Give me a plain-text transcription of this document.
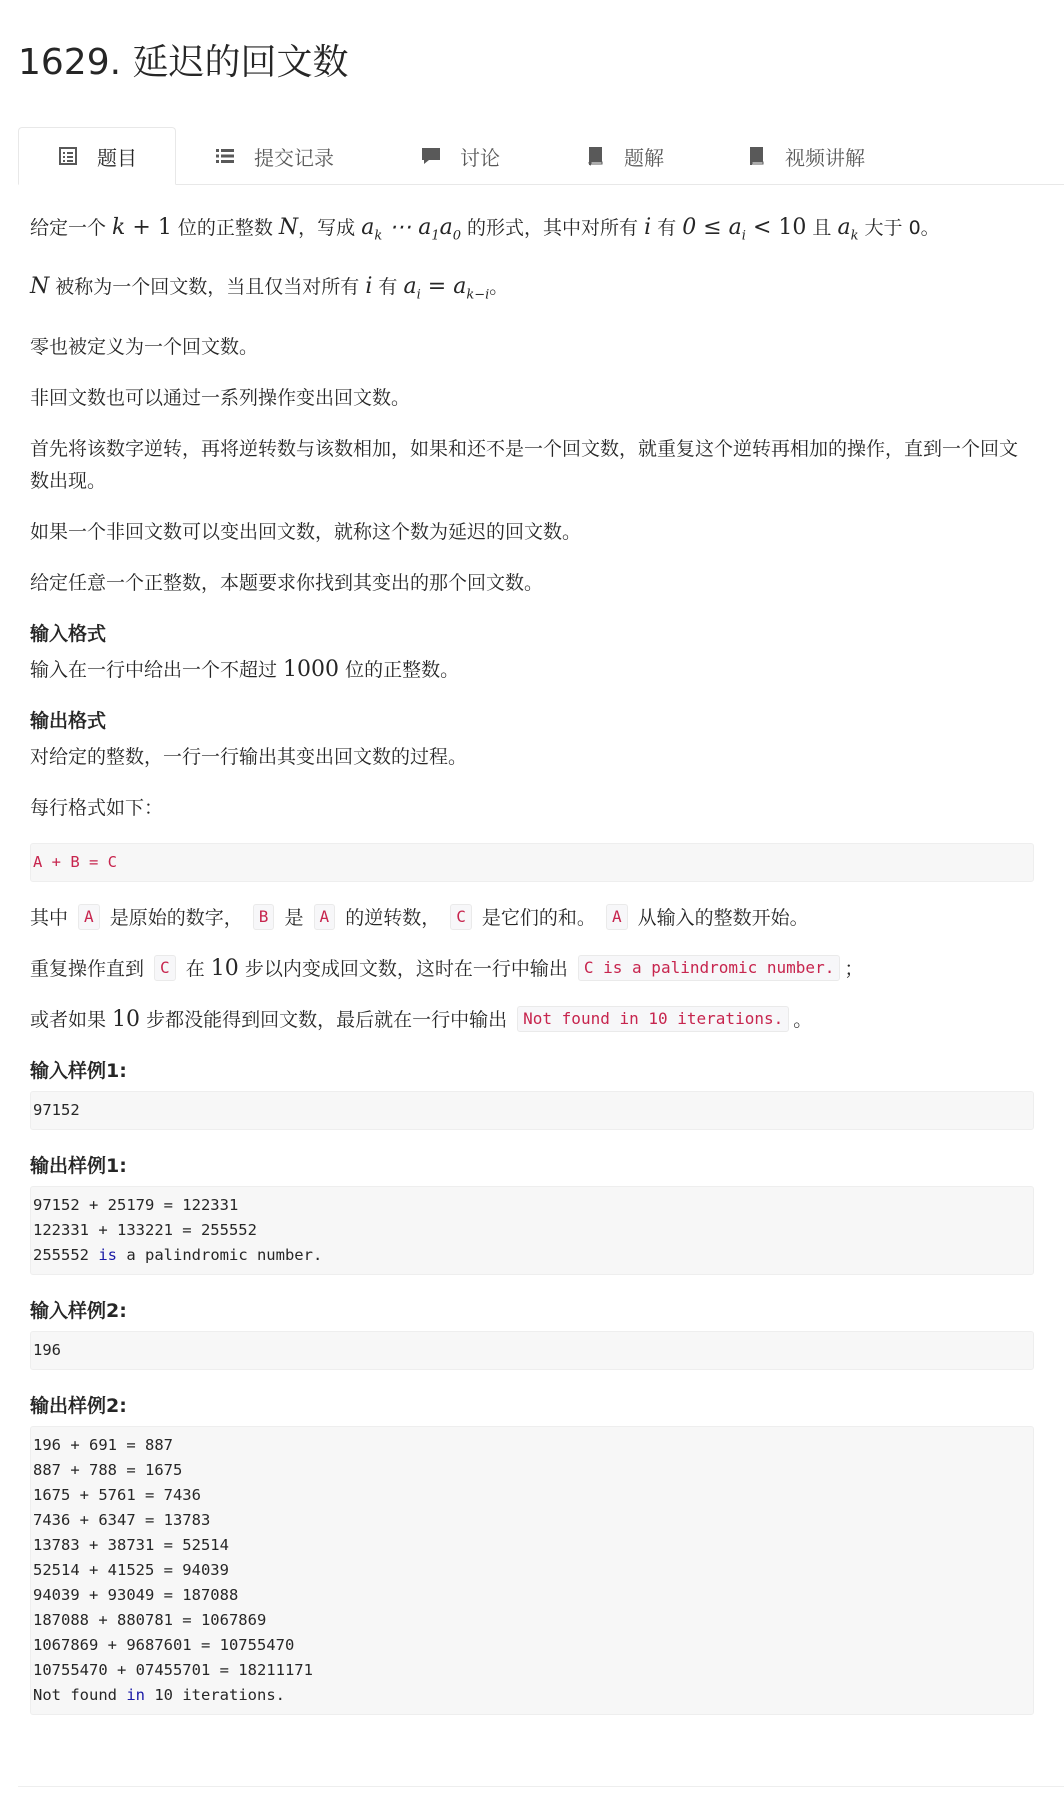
1629. 延迟的回文数
题目	提交记录	讨论	题解	视频讲解
给定一个 k + 1 位的正整数 N，写成 $a_k$ ⋯ $a_1a_0$ 的形式，其中对所有 i 有 $0 \le a_i < 10$ 且 $a_k$ 大于 0。
N 被称为一个回文数，当且仅当对所有 i 有 $a_i = a_{k-i}$。
零也被定义为一个回文数。
非回文数也可以通过一系列操作变出回文数。
首先将该数字逆转，再将逆转数与该数相加，如果和还不是一个回文数，就重复这个逆转再相加的操作，直到一个回文数出现。
如果一个非回文数可以变出回文数，就称这个数为延迟的回文数。
给定任意一个正整数，本题要求你找到其变出的那个回文数。
输入格式
输入在一行中给出一个不超过 1000 位的正整数。
输出格式
对给定的整数，一行一行输出其变出回文数的过程。
每行格式如下：
A + B = C
其中 A 是原始的数字， B 是 A 的逆转数， C 是它们的和。 A 从输入的整数开始。
重复操作直到 C 在 10 步以内变成回文数，这时在一行中输出 C is a palindromic number. ；
或者如果 10 步都没能得到回文数，最后就在一行中输出 Not found in 10 iterations. 。
输入样例1:
97152
输出样例1:
97152 + 25179 = 122331
122331 + 133221 = 255552
255552 is a palindromic number.
输入样例2:
196
输出样例2:
196 + 691 = 887
887 + 788 = 1675
1675 + 5761 = 7436
7436 + 6347 = 13783
13783 + 38731 = 52514
52514 + 41525 = 94039
94039 + 93049 = 187088
187088 + 880781 = 1067869
1067869 + 9687601 = 10755470
10755470 + 07455701 = 18211171
Not found in 10 iterations.
